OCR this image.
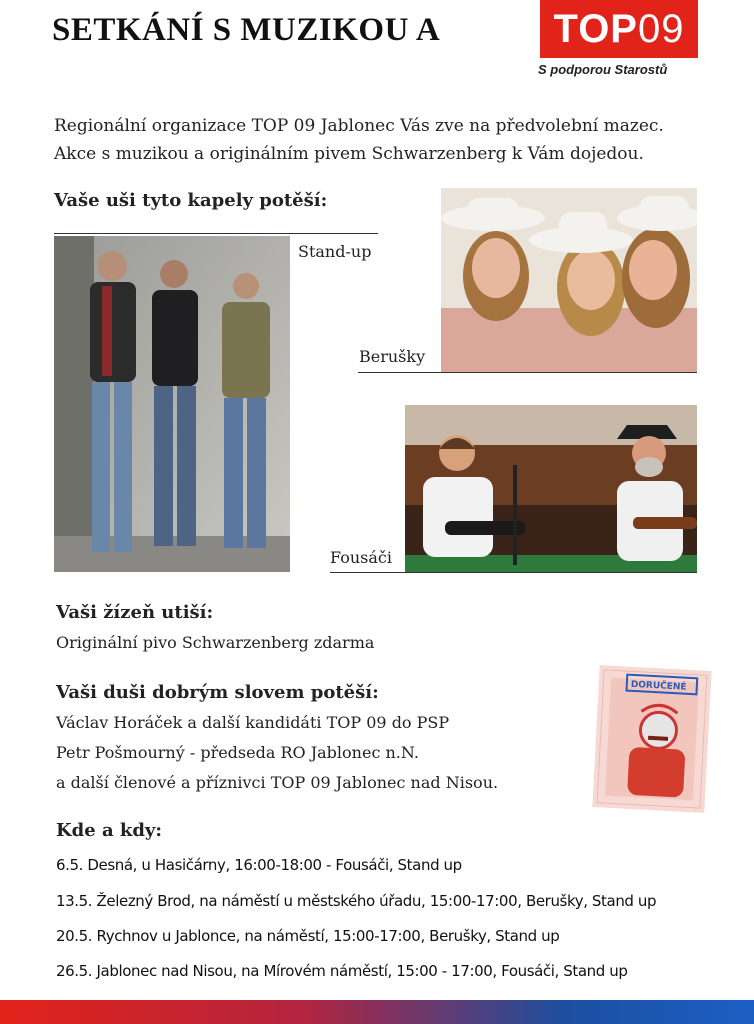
SETKÁNÍ S MUZIKOU A	TOP09
S podporou Starostů
Regionální organizace TOP 09 Jablonec Vás zve na předvolební mazec.
Akce s muzikou a originálním pivem Schwarzenberg k Vám dojedou.
Vaše uši tyto kapely potěší:
Stand-up
Berušky
Fousáči
Vaši žízeň utiší:
Originální pivo Schwarzenberg zdarma
Vaši duši dobrým slovem potěší:
Václav Horáček a další kandidáti TOP 09 do PSP
Petr Pošmourný - předseda RO Jablonec n.N.
a další členové a příznivci TOP 09 Jablonec nad Nisou.
DORUČENÉ
Kde a kdy:
6.5. Desná, u Hasičárny, 16:00-18:00 - Fousáči, Stand up
13.5. Železný Brod, na náměstí u městského úřadu, 15:00-17:00, Berušky, Stand up
20.5. Rychnov u Jablonce, na náměstí, 15:00-17:00, Berušky, Stand up
26.5. Jablonec nad Nisou, na Mírovém náměstí, 15:00 - 17:00, Fousáči, Stand up
